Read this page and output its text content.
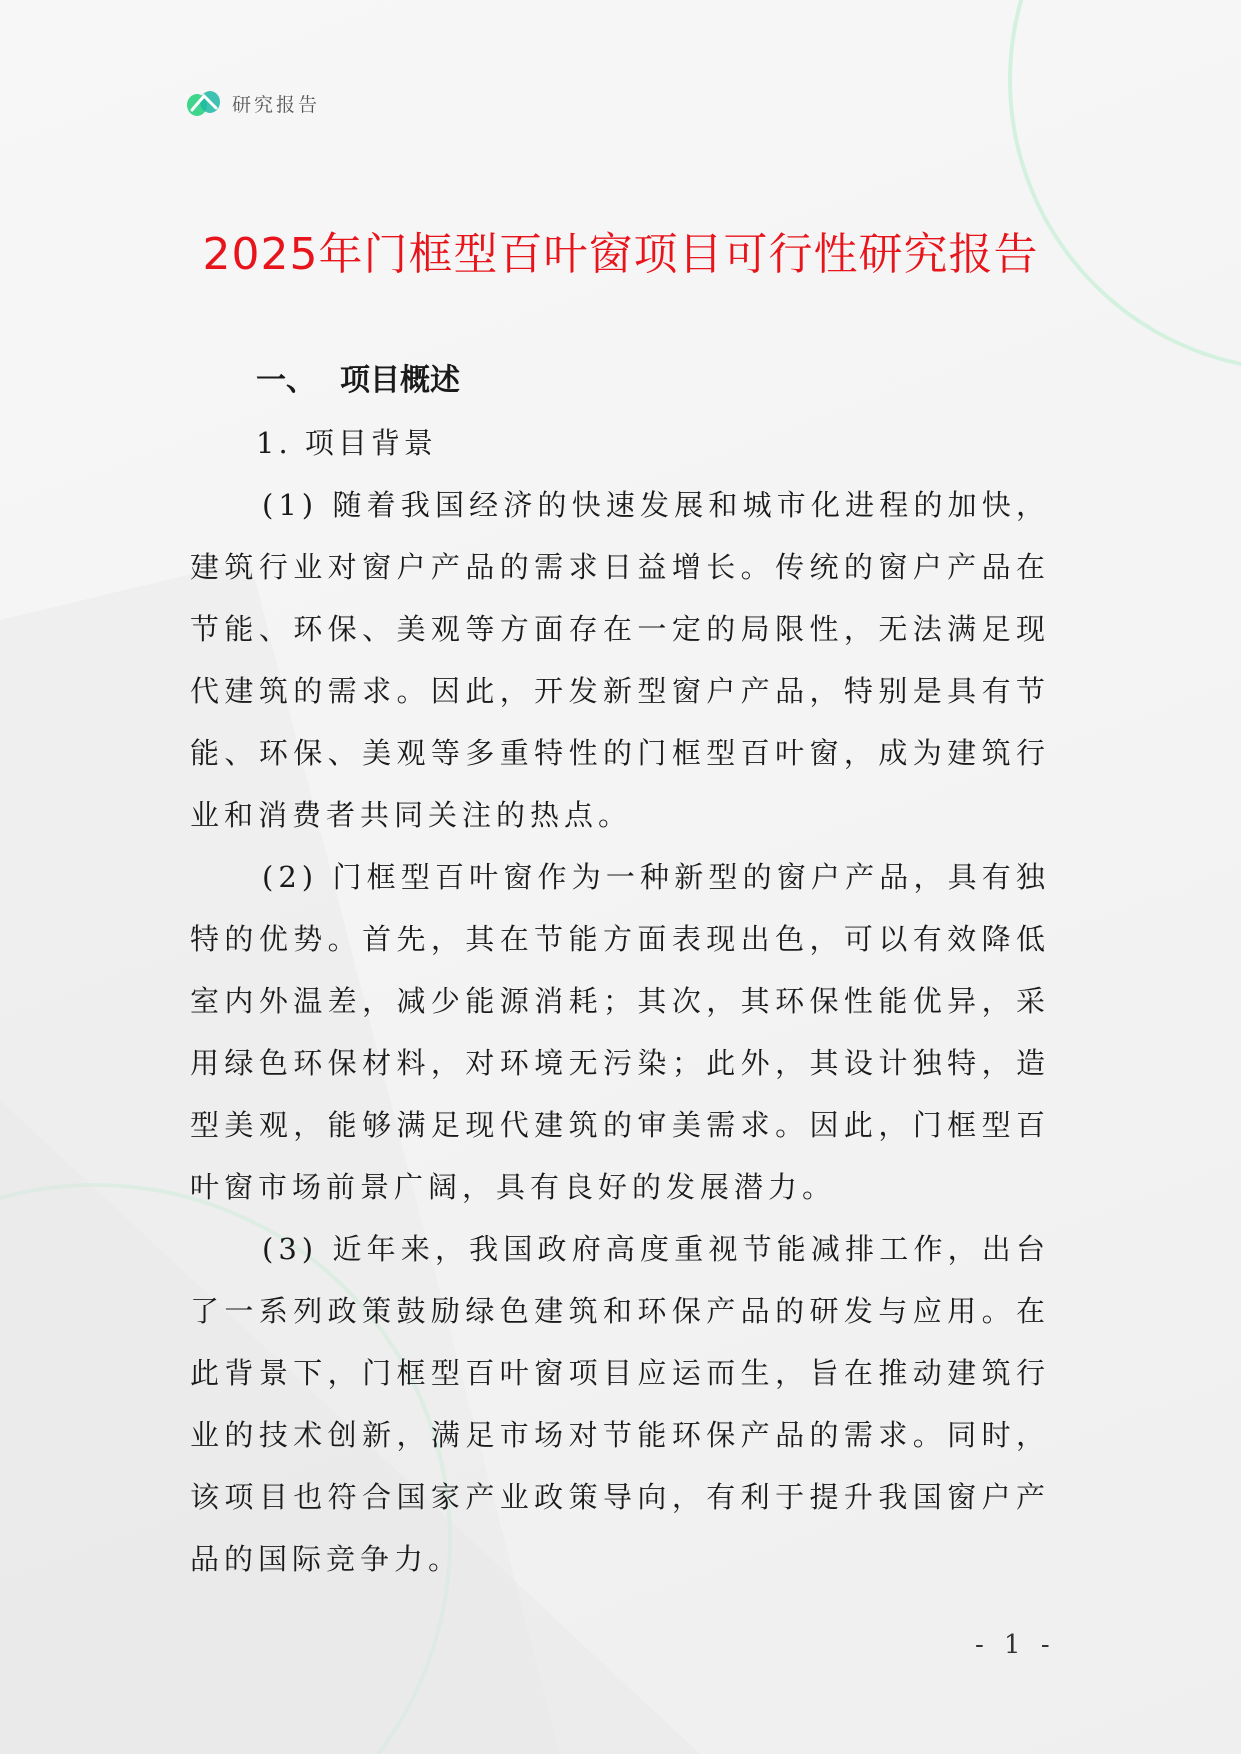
研究报告
2025年门框型百叶窗项目可行性研究报告
一、 项目概述
1. 项目背景

(1) 随着我国经济的快速发展和城市化进程的加快，建筑行业对窗户产品的需求日益增长。传统的窗户产品在节能、环保、美观等方面存在一定的局限性，无法满足现代建筑的需求。因此，开发新型窗户产品，特别是具有节能、环保、美观等多重特性的门框型百叶窗，成为建筑行业和消费者共同关注的热点。

(2) 门框型百叶窗作为一种新型的窗户产品，具有独特的优势。首先，其在节能方面表现出色，可以有效降低室内外温差，减少能源消耗；其次，其环保性能优异，采用绿色环保材料，对环境无污染；此外，其设计独特，造型美观，能够满足现代建筑的审美需求。因此，门框型百叶窗市场前景广阔，具有良好的发展潜力。

(3) 近年来，我国政府高度重视节能减排工作，出台了一系列政策鼓励绿色建筑和环保产品的研发与应用。在此背景下，门框型百叶窗项目应运而生，旨在推动建筑行业的技术创新，满足市场对节能环保产品的需求。同时，该项目也符合国家产业政策导向，有利于提升我国窗户产品的国际竞争力。

- 1 -
